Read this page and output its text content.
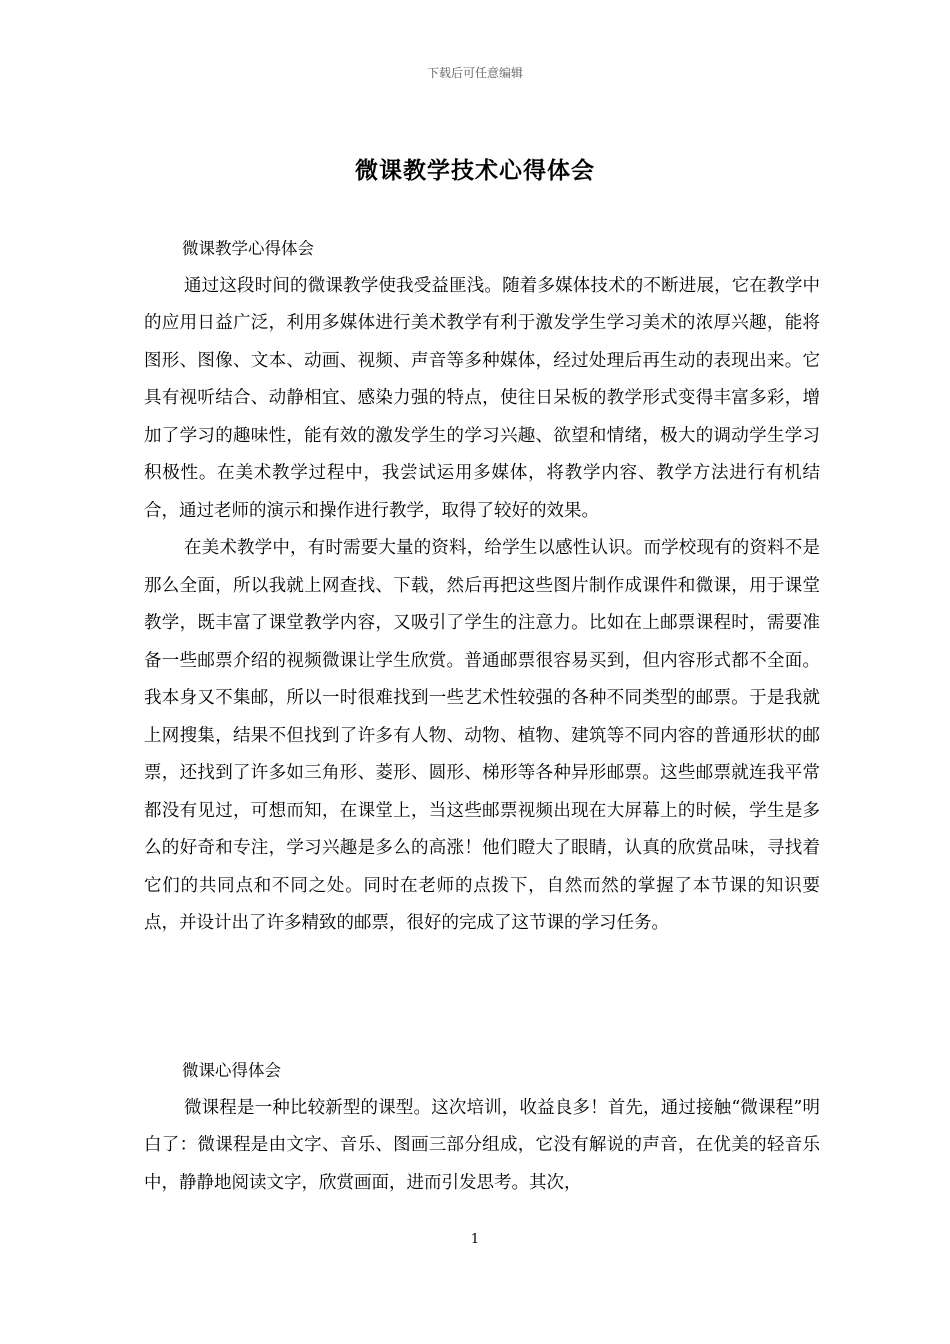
下载后可任意编辑
微课教学技术心得体会

微课教学心得体会

通过这段时间的微课教学使我受益匪浅。随着多媒体技术的不断进展，它在教学中的应用日益广泛，利用多媒体进行美术教学有利于激发学生学习美术的浓厚兴趣，能将图形、图像、文本、动画、视频、声音等多种媒体，经过处理后再生动的表现出来。它具有视听结合、动静相宜、感染力强的特点，使往日呆板的教学形式变得丰富多彩，增加了学习的趣味性，能有效的激发学生的学习兴趣、欲望和情绪，极大的调动学生学习积极性。在美术教学过程中，我尝试运用多媒体，将教学内容、教学方法进行有机结合，通过老师的演示和操作进行教学，取得了较好的效果。

在美术教学中，有时需要大量的资料，给学生以感性认识。而学校现有的资料不是那么全面，所以我就上网查找、下载，然后再把这些图片制作成课件和微课，用于课堂教学，既丰富了课堂教学内容，又吸引了学生的注意力。比如在上邮票课程时，需要准备一些邮票介绍的视频微课让学生欣赏。普通邮票很容易买到，但内容形式都不全面。我本身又不集邮，所以一时很难找到一些艺术性较强的各种不同类型的邮票。于是我就上网搜集，结果不但找到了许多有人物、动物、植物、建筑等不同内容的普通形状的邮票，还找到了许多如三角形、菱形、圆形、梯形等各种异形邮票。这些邮票就连我平常都没有见过，可想而知，在课堂上，当这些邮票视频出现在大屏幕上的时候，学生是多么的好奇和专注，学习兴趣是多么的高涨！他们瞪大了眼睛，认真的欣赏品味，寻找着它们的共同点和不同之处。同时在老师的点拨下，自然而然的掌握了本节课的知识要点，并设计出了许多精致的邮票，很好的完成了这节课的学习任务。

微课心得体会

微课程是一种比较新型的课型。这次培训，收益良多！首先，通过接触“微课程”明白了：微课程是由文字、音乐、图画三部分组成，它没有解说的声音，在优美的轻音乐中，静静地阅读文字，欣赏画面，进而引发思考。其次，

1
